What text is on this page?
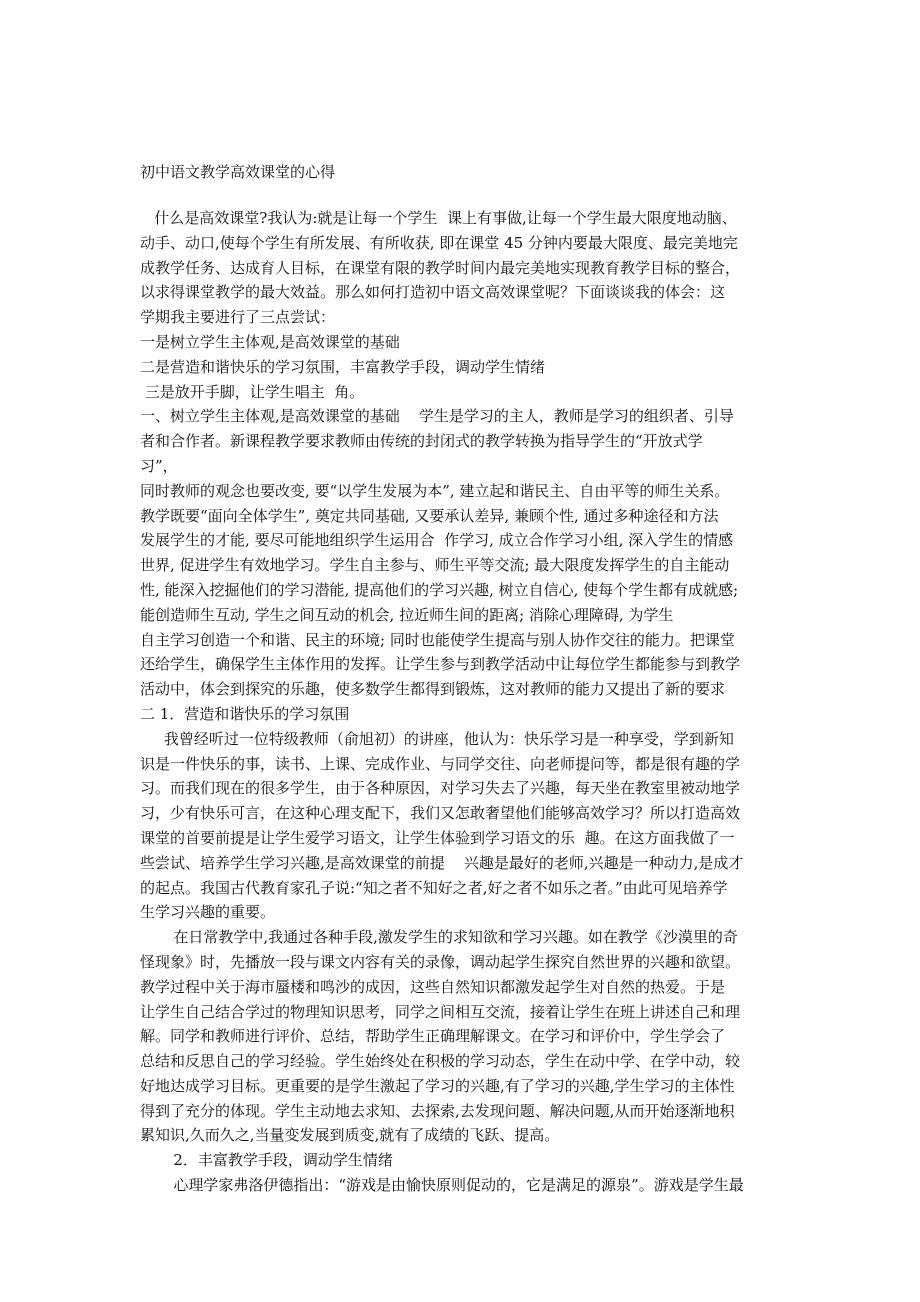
初中语文教学高效课堂的心得
什么是高效课堂?我认为:就是让每一个学生  课上有事做,让每一个学生最大限度地动脑、
动手、动口,使每个学生有所发展、有所收获, 即在课堂 45 分钟内要最大限度、最完美地完
成教学任务、达成育人目标，在课堂有限的教学时间内最完美地实现教育教学目标的整合，
以求得课堂教学的最大效益。那么如何打造初中语文高效课堂呢？下面谈谈我的体会：这
学期我主要进行了三点尝试：
一是树立学生主体观,是高效课堂的基础
二是营造和谐快乐的学习氛围，丰富教学手段，调动学生情绪
三是放开手脚，让学生唱主  角。
一、树立学生主体观,是高效课堂的基础    学生是学习的主人，教师是学习的组织者、引导
者和合作者。新课程教学要求教师由传统的封闭式的教学转换为指导学生的“开放式学
习”，
同时教师的观念也要改变, 要“以学生发展为本”, 建立起和谐民主、自由平等的师生关系。
教学既要“面向全体学生”, 奠定共同基础, 又要承认差异, 兼顾个性, 通过多种途径和方法
发展学生的才能, 要尽可能地组织学生运用合  作学习, 成立合作学习小组, 深入学生的情感
世界, 促进学生有效地学习。学生自主参与、师生平等交流; 最大限度发挥学生的自主能动
性, 能深入挖掘他们的学习潜能, 提高他们的学习兴趣, 树立自信心, 使每个学生都有成就感;
能创造师生互动, 学生之间互动的机会, 拉近师生间的距离; 消除心理障碍, 为学生
自主学习创造一个和谐、民主的环境; 同时也能使学生提高与别人协作交往的能力。把课堂
还给学生，确保学生主体作用的发挥。让学生参与到教学活动中让每位学生都能参与到教学
活动中，体会到探究的乐趣，使多数学生都得到锻炼，这对教师的能力又提出了新的要求
二 1．营造和谐快乐的学习氛围
我曾经听过一位特级教师（俞旭初）的讲座，他认为：快乐学习是一种享受，学到新知
识是一件快乐的事，读书、上课、完成作业、与同学交往、向老师提问等，都是很有趣的学
习。而我们现在的很多学生，由于各种原因，对学习失去了兴趣，每天坐在教室里被动地学
习，少有快乐可言，在这种心理支配下，我们又怎敢奢望他们能够高效学习？所以打造高效
课堂的首要前提是让学生爱学习语文，让学生体验到学习语文的乐  趣。在这方面我做了一
些尝试、培养学生学习兴趣,是高效课堂的前提    兴趣是最好的老师,兴趣是一种动力,是成才
的起点。我国古代教育家孔子说:“知之者不知好之者,好之者不如乐之者。”由此可见培养学
生学习兴趣的重要。
在日常教学中,我通过各种手段,激发学生的求知欲和学习兴趣。如在教学《沙漠里的奇
怪现象》时，先播放一段与课文内容有关的录像，调动起学生探究自然世界的兴趣和欲望。
教学过程中关于海市蜃楼和鸣沙的成因，这些自然知识都激发起学生对自然的热爱。于是
让学生自己结合学过的物理知识思考，同学之间相互交流，接着让学生在班上讲述自己和理
解。同学和教师进行评价、总结，帮助学生正确理解课文。在学习和评价中，学生学会了
总结和反思自己的学习经验。学生始终处在积极的学习动态，学生在动中学、在学中动，较
好地达成学习目标。更重要的是学生激起了学习的兴趣,有了学习的兴趣,学生学习的主体性
得到了充分的体现。学生主动地去求知、去探索,去发现问题、解决问题,从而开始逐渐地积
累知识,久而久之,当量变发展到质变,就有了成绩的飞跃、提高。
2．丰富教学手段，调动学生情绪
心理学家弗洛伊德指出：“游戏是由愉快原则促动的，它是满足的源泉”。游戏是学生最
